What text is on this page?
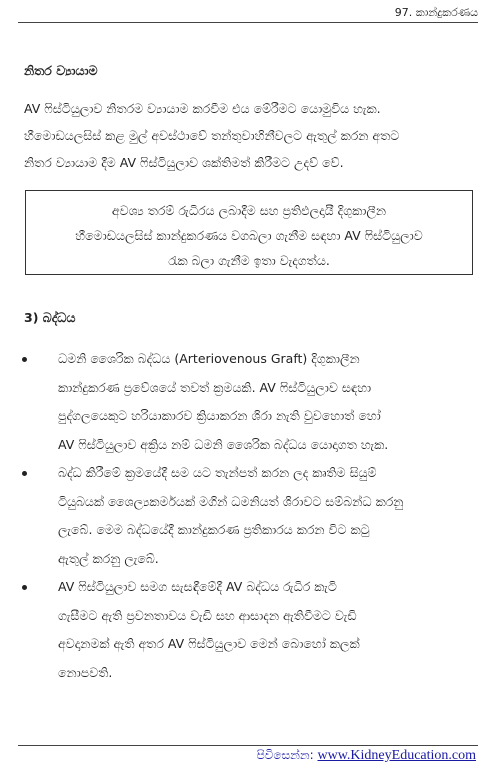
97. කාන්දුකරණය
නිතර ව්‍යායාම
AV ෆිස්ටියුලාව නිතරම ව්‍යායාම කරවීම එය මේරීමට යොමුවිය හැක.
හීමොඩයලසිස් කළ මුල් අවස්ථාවේ තන්තුවාහිනීවලට ඇතුල් කරන අතට
නිතර ව්‍යායාම දීම AV ෆිස්ටියුලාව ශක්තිමත් කිරීමට උදව් වේ.
අවශ්‍ය තරම් රුධිරය ලබාදීම සහ ප්‍රතිඵලදායී දිගුකාලීන
හීමොඩයලසිස් කාන්දුකරණය වගබලා ගැනීම සඳහා AV ෆිස්ටියුලාව
රැක බලා ගැනීම ඉතා වැදගත්ය.
3) බද්ධය
ධමනි ශෛරික බද්ධය (Arteriovenous Graft) දිගුකාලීන
කාන්දුකරණ ප්‍රවේශයේ තවත් ක්‍රමයකි. AV ෆිස්ටියුලාව සඳහා
පුද්ගලයෙකුට හරියාකාරව ක්‍රියාකරන ශිරා නැති වුවහොත් හෝ
AV ෆිස්ටියුලාව අක්‍රිය නම් ධමනි ශෛරික බද්ධය යොදාගත හැක.
බද්ධ කිරීමේ ක්‍රමයේදී සම යට තැන්පත් කරන ලද කෘතිම සියුම්
ටියුබයක් ශෛල්‍යකර්මයක් මගින් ධමනියත් ශිරාවට සම්බන්ධ කරනු
ලැබේ. මෙම බද්ධයේදී කාන්දුකරණ ප්‍රතිකාරය කරන විට කටු
ඇතුල් කරනු ලැබේ.
AV ෆිස්ටියුලාව සමග සැසඳීමේදී AV බද්ධය රුධිර කැටි
ගැසීමට ඇති ප්‍රවනතාවය වැඩි සහ ආසාදන ඇතිවීමට වැඩි
අවදානමක් ඇති අතර AV ෆිස්ටියුලාව මෙන් බොහෝ කලක්
නොපවති.
පිවිසෙන්න: www.KidneyEducation.com
